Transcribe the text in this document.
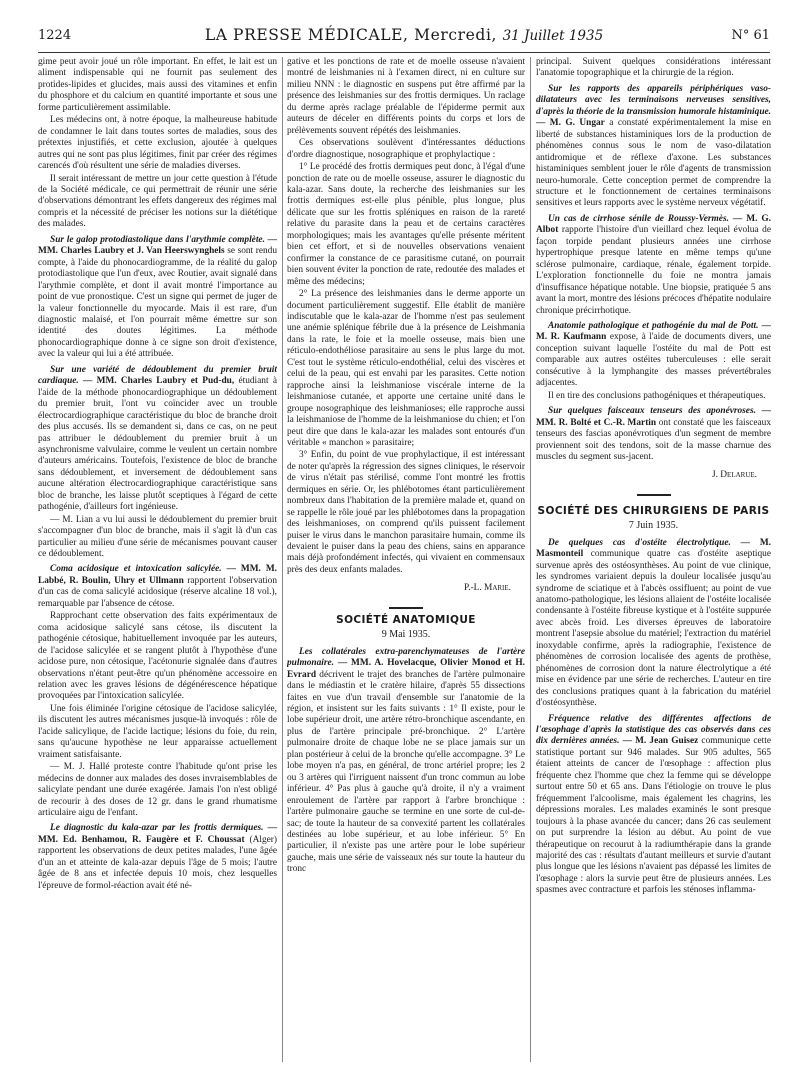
1224	LA PRESSE MÉDICALE, Mercredi, 31 Juillet 1935	N° 61

gime peut avoir joué un rôle important. En effet, le lait est un aliment indispensable qui ne fournit pas seulement des protides-lipides et glucides, mais aussi des vitamines et enfin du phosphore et du calcium en quantité importante et sous une forme particulièrement assimilable.

Les médecins ont, à notre époque, la malheureuse habitude de condamner le lait dans toutes sortes de maladies, sous des prétextes injustifiés, et cette exclusion, ajoutée à quelques autres qui ne sont pas plus légitimes, finit par créer des régimes carencés d'où résultent une série de maladies diverses.

Il serait intéressant de mettre un jour cette question à l'étude de la Société médicale, ce qui permettrait de réunir une série d'observations démontrant les effets dangereux des régimes mal compris et la nécessité de préciser les notions sur la diététique des malades.

Sur le galop protodiastolique dans l'arythmie complète. — MM. Charles Laubry et J. Van Heerswynghels se sont rendu compte, à l'aide du phonocardiogramme, de la réalité du galop protodiastolique que l'un d'eux, avec Routier, avait signalé dans l'arythmie complète, et dont il avait montré l'importance au point de vue pronostique. C'est un signe qui permet de juger de la valeur fonctionnelle du myocarde. Mais il est rare, d'un diagnostic malaisé, et l'on pourrait même émettre sur son identité des doutes légitimes. La méthode phonocardiographique donne à ce signe son droit d'existence, avec la valeur qui lui a été attribuée.

Sur une variété de dédoublement du premier bruit cardiaque. — MM. Charles Laubry et Pud-du, étudiant à l'aide de la méthode phonocardiographique un dédoublement du premier bruit, l'ont vu coïncider avec un trouble électrocardiographique caractéristique du bloc de branche droit des plus accusés. Ils se demandent si, dans ce cas, on ne peut pas attribuer le dédoublement du premier bruit à un asynchronisme valvulaire, comme le veulent un certain nombre d'auteurs américains. Toutefois, l'existence de bloc de branche sans dédoublement, et inversement de dédoublement sans aucune altération électrocardiographique caractéristique sans bloc de branche, les laisse plutôt sceptiques à l'égard de cette pathogénie, d'ailleurs fort ingénieuse.

— M. Lian a vu lui aussi le dédoublement du premier bruit s'accompagner d'un bloc de branche, mais il s'agit là d'un cas particulier au milieu d'une série de mécanismes pouvant causer ce dédoublement.

Coma acidosique et intoxication salicylée. — MM. M. Labbé, R. Boulin, Uhry et Ullmann rapportent l'observation d'un cas de coma salicylé acidosique (réserve alcaline 18 vol.), remarquable par l'absence de cétose.

Rapprochant cette observation des faits expérimentaux de coma acidosique salicylé sans cétose, ils discutent la pathogénie cétosique, habituellement invoquée par les auteurs, de l'acidose salicylée et se rangent plutôt à l'hypothèse d'une acidose pure, non cétosique, l'acétonurie signalée dans d'autres observations n'étant peut-être qu'un phénomène accessoire en relation avec les graves lésions de dégénérescence hépatique provoquées par l'intoxication salicylée.

Une fois éliminée l'origine cétosique de l'acidose salicylée, ils discutent les autres mécanismes jusque-là invoqués : rôle de l'acide salicylique, de l'acide lactique; lésions du foie, du rein, sans qu'aucune hypothèse ne leur apparaisse actuellement vraiment satisfaisante.

— M. J. Hallé proteste contre l'habitude qu'ont prise les médecins de donner aux malades des doses invraisemblables de salicylate pendant une durée exagérée. Jamais l'on n'est obligé de recourir à des doses de 12 gr. dans le grand rhumatisme articulaire aigu de l'enfant.

Le diagnostic du kala-azar par les frottis dermiques. — MM. Ed. Benhamou, R. Faugère et F. Choussat (Alger) rapportent les observations de deux petites malades, l'une âgée d'un an et atteinte de kala-azar depuis l'âge de 5 mois; l'autre âgée de 8 ans et infectée depuis 10 mois, chez lesquelles l'épreuve de formol-réaction avait été né-

gative et les ponctions de rate et de moelle osseuse n'avaient montré de leishmanies ni à l'examen direct, ni en culture sur milieu NNN : le diagnostic en suspens put être affirmé par la présence des leishmanies sur des frottis dermiques. Un raclage du derme après raclage préalable de l'épiderme permit aux auteurs de déceler en différents points du corps et lors de prélèvements souvent répétés des leishmanies.

Ces observations soulèvent d'intéressantes déductions d'ordre diagnostique, nosographique et prophylactique :

1° Le procédé des frottis dermiques peut donc, à l'égal d'une ponction de rate ou de moelle osseuse, assurer le diagnostic du kala-azar. Sans doute, la recherche des leishmanies sur les frottis dermiques est-elle plus pénible, plus longue, plus délicate que sur les frottis spléniques en raison de la rareté relative du parasite dans la peau et de certains caractères morphologiques; mais les avantages qu'elle présente méritent bien cet effort, et si de nouvelles observations venaient confirmer la constance de ce parasitisme cutané, on pourrait bien souvent éviter la ponction de rate, redoutée des malades et même des médecins;

2° La présence des leishmanies dans le derme apporte un document particulièrement suggestif. Elle établit de manière indiscutable que le kala-azar de l'homme n'est pas seulement une anémie splénique fébrile due à la présence de Leishmania dans la rate, le foie et la moelle osseuse, mais bien une réticulo-endothéliose parasitaire au sens le plus large du mot. C'est tout le système réticulo-endothélial, celui des viscères et celui de la peau, qui est envahi par les parasites. Cette notion rapproche ainsi la leishmaniose viscérale interne de la leishmaniose cutanée, et apporte une certaine unité dans le groupe nosographique des leishmanioses; elle rapproche aussi la leishmaniose de l'homme de la leishmaniose du chien; et l'on peut dire que dans le kala-azar les malades sont entourés d'un véritable « manchon » parasitaire;

3° Enfin, du point de vue prophylactique, il est intéressant de noter qu'après la régression des signes cliniques, le réservoir de virus n'était pas stérilisé, comme l'ont montré les frottis dermiques en série. Or, les phlébotomes étant particulièrement nombreux dans l'habitation de la première malade et, quand on se rappelle le rôle joué par les phlébotomes dans la propagation des leishmanioses, on comprend qu'ils puissent facilement puiser le virus dans le manchon parasitaire humain, comme ils devaient le puiser dans la peau des chiens, sains en apparance mais déjà profondément infectés, qui vivaient en commensaux près des deux enfants malades.

P.-L. Marie.

SOCIÉTÉ ANATOMIQUE

9 Mai 1935.

Les collatérales extra-parenchymateuses de l'artère pulmonaire. — MM. A. Hovelacque, Olivier Monod et H. Evrard décrivent le trajet des branches de l'artère pulmonaire dans le médiastin et le cratère hilaire, d'après 55 dissections faites en vue d'un travail d'ensemble sur l'anatomie de la région, et insistent sur les faits suivants : 1° Il existe, pour le lobe supérieur droit, une artère rétro-bronchique ascendante, en plus de l'artère principale pré-bronchique. 2° L'artère pulmonaire droite de chaque lobe ne se place jamais sur un plan postérieur à celui de la bronche qu'elle accompagne. 3° Le lobe moyen n'a pas, en général, de tronc artériel propre; les 2 ou 3 artères qui l'irriguent naissent d'un tronc commun au lobe inférieur. 4° Pas plus à gauche qu'à droite, il n'y a vraiment enroulement de l'artère par rapport à l'arbre bronchique : l'artère pulmonaire gauche se termine en une sorte de cul-de-sac; de toute la hauteur de sa convexité partent les collatérales destinées au lobe supérieur, et au lobe inférieur. 5° En particulier, il n'existe pas une artère pour le lobe supérieur gauche, mais une série de vaisseaux nés sur toute la hauteur du tronc

principal. Suivent quelques considérations intéressant l'anatomie topographique et la chirurgie de la région.

Sur les rapports des appareils périphériques vaso-dilatateurs avec les terminaisons nerveuses sensitives, d'après la théorie de la transmission humorale histaminique. — M. G. Ungar a constaté expérimentalement la mise en liberté de substances histaminiques lors de la production de phénomènes connus sous le nom de vaso-dilatation antidromique et de réflexe d'axone. Les substances histaminiques semblent jouer le rôle d'agents de transmission neuro-humorale. Cette conception permet de comprendre la structure et le fonctionnement de certaines terminaisons sensitives et leurs rapports avec le système nerveux végétatif.

Un cas de cirrhose sénile de Roussy-Vermès. — M. G. Albot rapporte l'histoire d'un vieillard chez lequel évolua de façon torpide pendant plusieurs années une cirrhose hypertrophique presque latente en même temps qu'une sclérose pulmonaire, cardiaque, rénale, également torpide. L'exploration fonctionnelle du foie ne montra jamais d'insuffisance hépatique notable. Une biopsie, pratiquée 5 ans avant la mort, montre des lésions précoces d'hépatite nodulaire chronique précirrhotique.

Anatomie pathologique et pathogénie du mal de Pott. — M. R. Kaufmann expose, à l'aide de documents divers, une conception suivant laquelle l'ostéite du mal de Pott est comparable aux autres ostéites tuberculeuses : elle serait consécutive à la lymphangite des masses prévertébrales adjacentes.

Il en tire des conclusions pathogéniques et thérapeutiques.

Sur quelques faisceaux tenseurs des aponévroses. — MM. R. Bolté et C.-R. Martin ont constaté que les faisceaux tenseurs des fascias aponévrotiques d'un segment de membre proviennent soit des tendons, soit de la masse charnue des muscles du segment sus-jacent.

J. Delarue.

SOCIÉTÉ DES CHIRURGIENS DE PARIS

7 Juin 1935.

De quelques cas d'ostéite électrolytique. — M. Masmonteil communique quatre cas d'ostéite aseptique survenue après des ostéosynthèses. Au point de vue clinique, les syndromes variaient depuis la douleur localisée jusqu'au syndrome de sciatique et à l'abcès ossifluent; au point de vue anatomo-pathologique, les lésions allaient de l'ostéite localisée condensante à l'ostéite fibreuse kystique et à l'ostéite suppurée avec abcès froid. Les diverses épreuves de laboratoire montrent l'asepsie absolue du matériel; l'extraction du matériel inoxydable confirme, après la radiographie, l'existence de phénomènes de corrosion localisée des agents de prothèse, phénomènes de corrosion dont la nature électrolytique a été mise en évidence par une série de recherches. L'auteur en tire des conclusions pratiques quant à la fabrication du matériel d'ostéosynthèse.

Fréquence relative des différentes affections de l'œsophage d'après la statistique des cas observés dans ces dix dernières années. — M. Jean Guisez communique cette statistique portant sur 946 malades. Sur 905 adultes, 565 étaient atteints de cancer de l'œsophage : affection plus fréquente chez l'homme que chez la femme qui se développe surtout entre 50 et 65 ans. Dans l'étiologie on trouve le plus fréquemment l'alcoolisme, mais également les chagrins, les dépressions morales. Les malades examinés le sont presque toujours à la phase avancée du cancer; dans 26 cas seulement on put surprendre la lésion au début. Au point de vue thérapeutique on recourut à la radiumthérapie dans la grande majorité des cas : résultats d'autant meilleurs et survie d'autant plus longue que les lésions n'avaient pas dépassé les limites de l'œsophage : alors la survie peut être de plusieurs années. Les spasmes avec contracture et parfois les sténoses inflamma-
